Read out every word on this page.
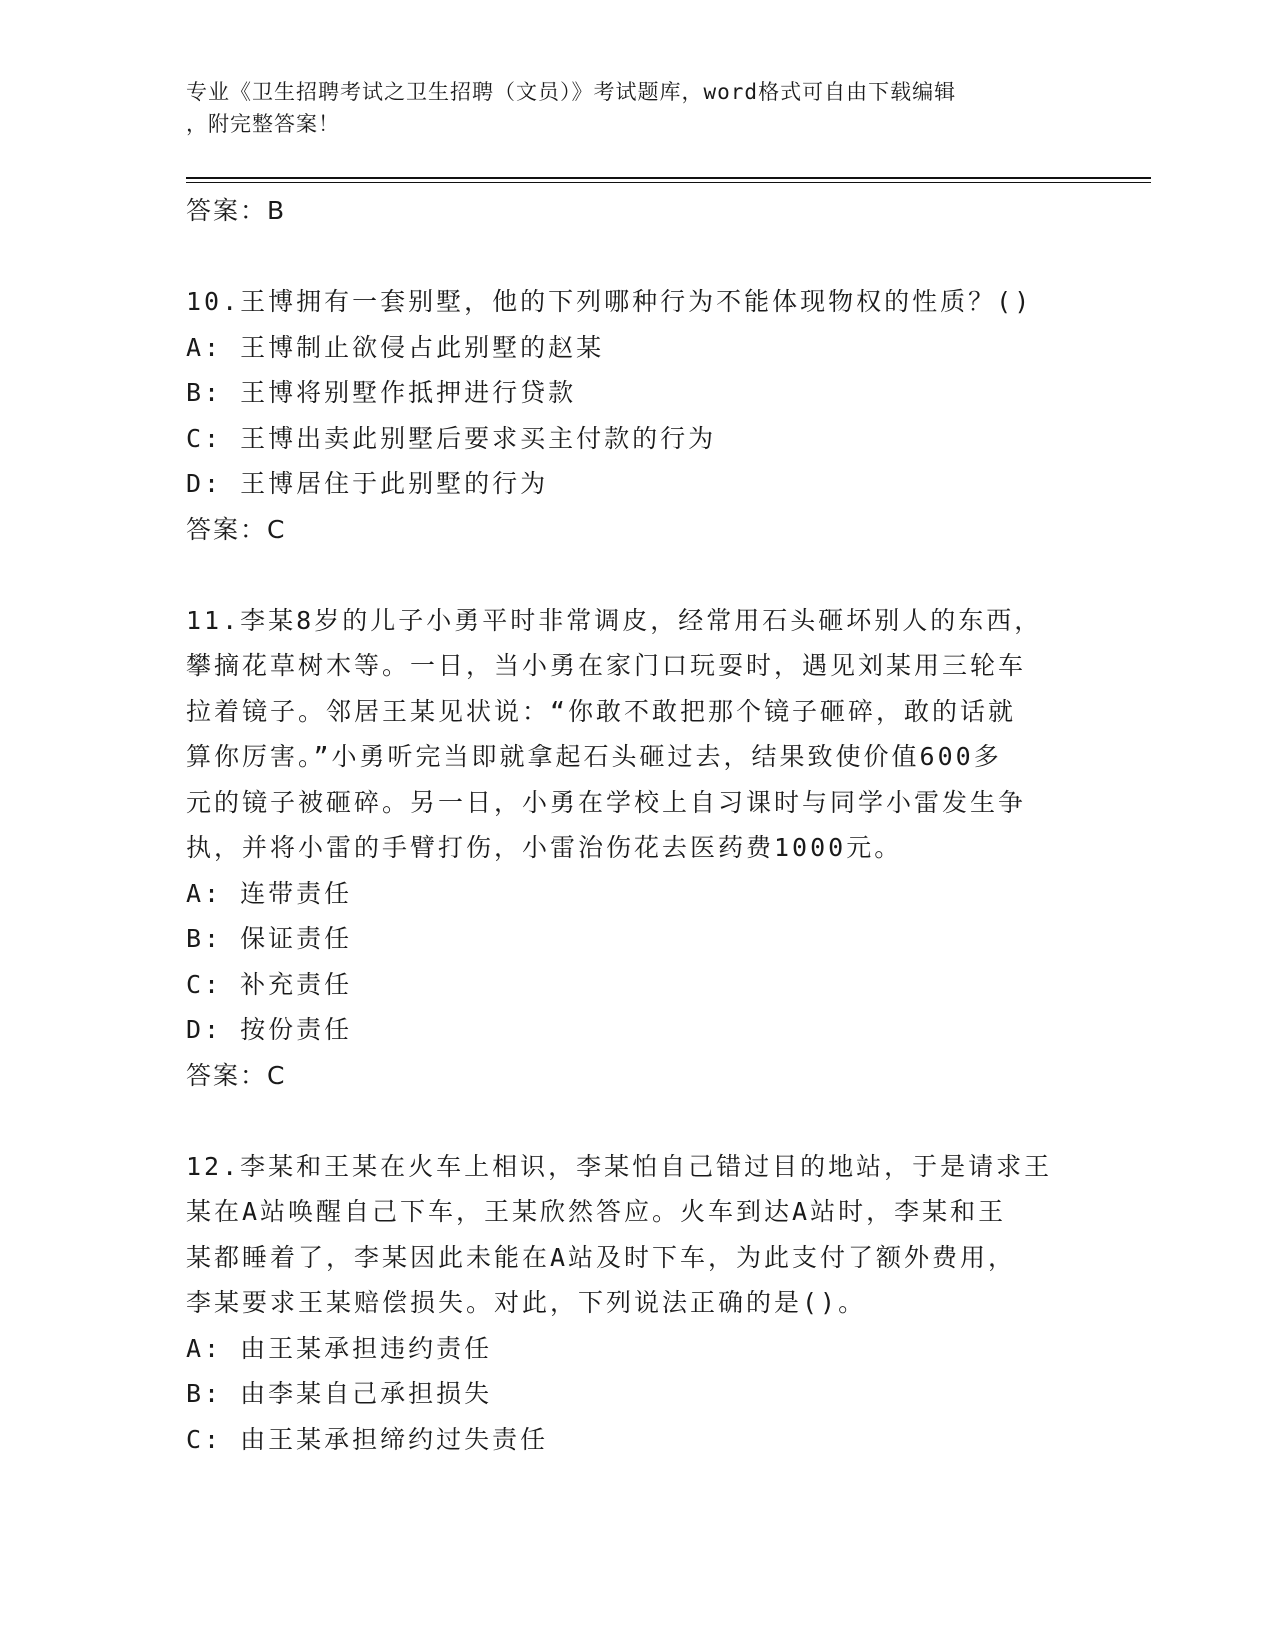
专业《卫生招聘考试之卫生招聘（文员）》考试题库，word格式可自由下载编辑
，附完整答案！
答案：B
10.王博拥有一套别墅，他的下列哪种行为不能体现物权的性质？()
A: 王博制止欲侵占此别墅的赵某
B: 王博将别墅作抵押进行贷款
C: 王博出卖此别墅后要求买主付款的行为
D: 王博居住于此别墅的行为
答案：C
11.李某8岁的儿子小勇平时非常调皮，经常用石头砸坏别人的东西，
攀摘花草树木等。一日，当小勇在家门口玩耍时，遇见刘某用三轮车
拉着镜子。邻居王某见状说：“你敢不敢把那个镜子砸碎，敢的话就
算你厉害。”小勇听完当即就拿起石头砸过去，结果致使价值600多
元的镜子被砸碎。另一日，小勇在学校上自习课时与同学小雷发生争
执，并将小雷的手臂打伤，小雷治伤花去医药费1000元。
A: 连带责任
B: 保证责任
C: 补充责任
D: 按份责任
答案：C
12.李某和王某在火车上相识，李某怕自己错过目的地站，于是请求王
某在A站唤醒自己下车，王某欣然答应。火车到达A站时，李某和王
某都睡着了，李某因此未能在A站及时下车，为此支付了额外费用，
李某要求王某赔偿损失。对此，下列说法正确的是()。
A: 由王某承担违约责任
B: 由李某自己承担损失
C: 由王某承担缔约过失责任
